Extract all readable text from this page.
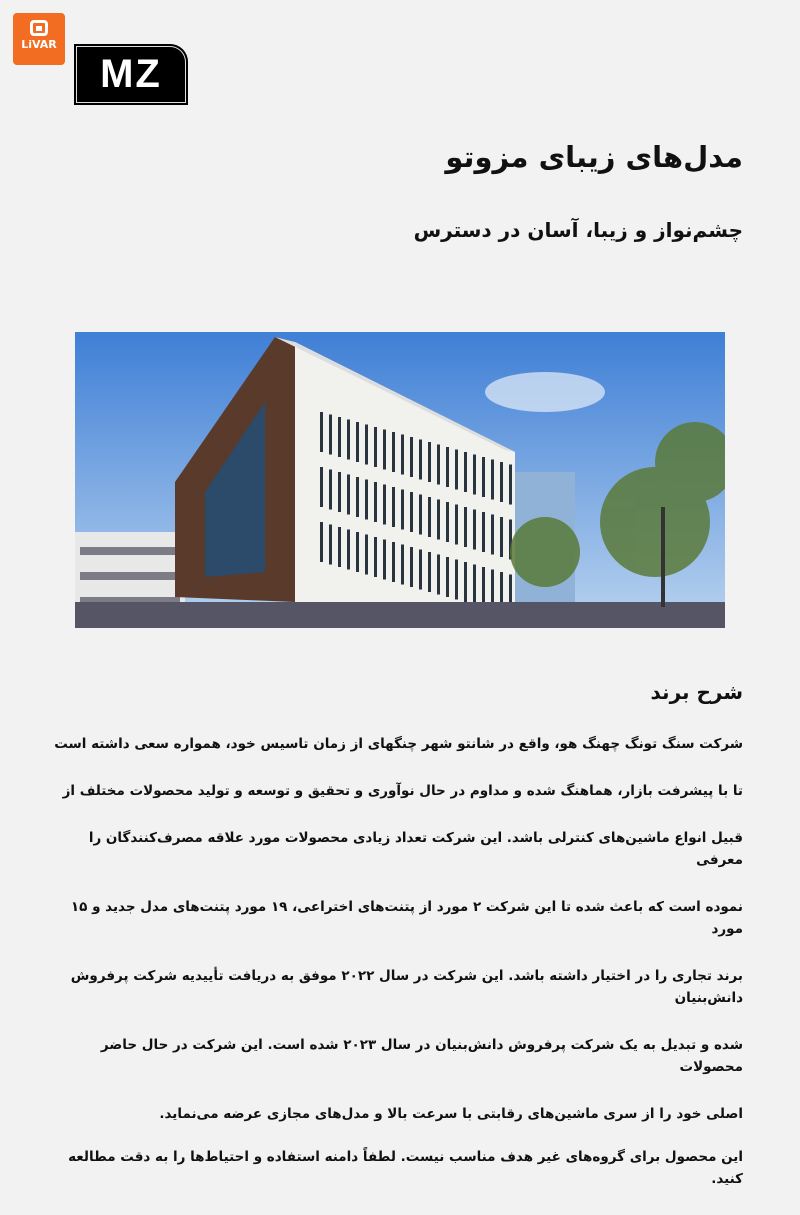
LiVAR
MZ
مدل‌های زیبای مزوتو
چشم‌نواز و زیبا، آسان در دسترس
شرح برند
شرکت سنگ تونگ چهنگ هو، واقع در شانتو شهر چنگهای از زمان تاسیس خود، همواره سعی داشته است
تا با پیشرفت بازار، هماهنگ شده و مداوم در حال نوآوری و تحقیق و توسعه و تولید محصولات مختلف از
قبیل انواع ماشین‌های کنترلی باشد. این شرکت تعداد زیادی محصولات مورد علاقه مصرف‌کنندگان را معرفی
نموده است که باعث شده تا این شرکت ۲ مورد از پتنت‌های اختراعی، ۱۹ مورد پتنت‌های مدل جدید و ۱۵ مورد
برند تجاری را در اختیار داشته باشد. این شرکت در سال ۲۰۲۲ موفق به دریافت تأییدیه شرکت پرفروش دانش‌بنیان
شده و تبدیل به یک شرکت پرفروش دانش‌بنیان در سال ۲۰۲۳ شده است. این شرکت در حال حاضر محصولات
اصلی خود را از سری ماشین‌های رقابتی با سرعت بالا و مدل‌های مجازی عرضه می‌نماید.
این محصول برای گروه‌های غیر هدف مناسب نیست. لطفاً دامنه استفاده و احتیاط‌ها را به دقت مطالعه کنید.
